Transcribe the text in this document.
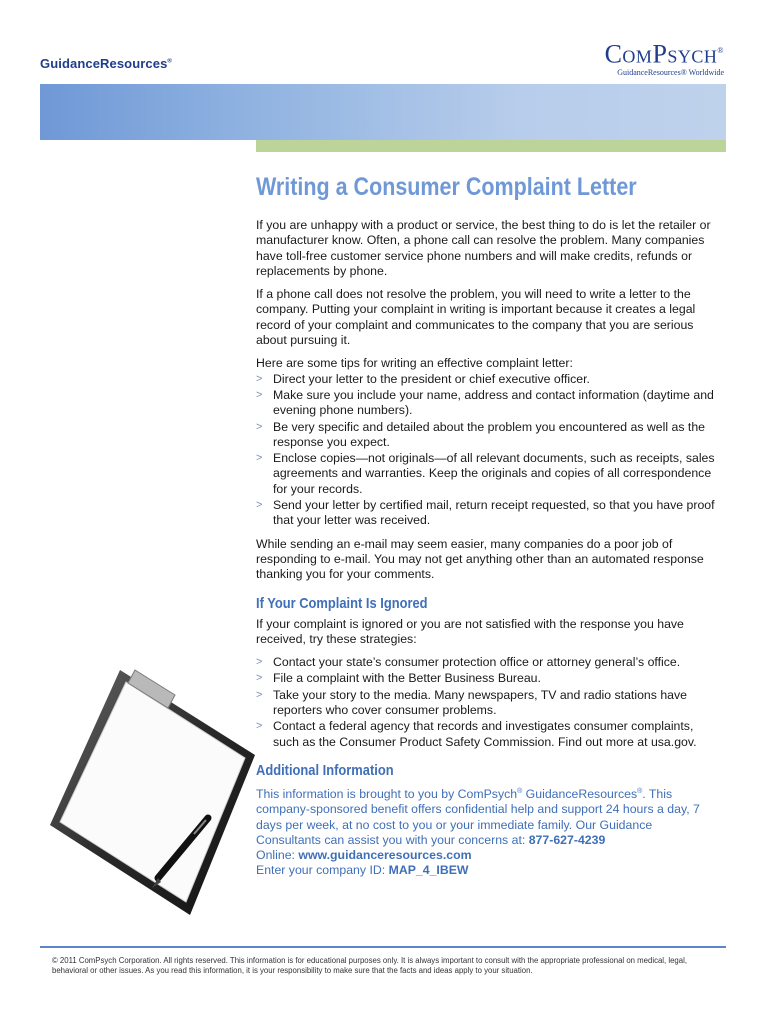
GuidanceResources®	ComPsych®
GuidanceResources® Worldwide
Writing a Consumer Complaint Letter

If you are unhappy with a product or service, the best thing to do is let the retailer or manufacturer know. Often, a phone call can resolve the problem. Many companies have toll-free customer service phone numbers and will make credits, refunds or replacements by phone.

If a phone call does not resolve the problem, you will need to write a letter to the company. Putting your complaint in writing is important because it creates a legal record of your complaint and communicates to the company that you are serious about pursuing it.

Here are some tips for writing an effective complaint letter:

> Direct your letter to the president or chief executive officer.
> Make sure you include your name, address and contact information (daytime and evening phone numbers).
> Be very specific and detailed about the problem you encountered as well as the response you expect.
> Enclose copies—not originals—of all relevant documents, such as receipts, sales agreements and warranties. Keep the originals and copies of all correspondence for your records.
> Send your letter by certified mail, return receipt requested, so that you have proof that your letter was received.

While sending an e-mail may seem easier, many companies do a poor job of responding to e-mail. You may not get anything other than an automated response thanking you for your comments.

If Your Complaint Is Ignored

If your complaint is ignored or you are not satisfied with the response you have received, try these strategies:

> Contact your state’s consumer protection office or attorney general’s office.
> File a complaint with the Better Business Bureau.
> Take your story to the media. Many newspapers, TV and radio stations have reporters who cover consumer problems.
> Contact a federal agency that records and investigates consumer complaints, such as the Consumer Product Safety Commission. Find out more at usa.gov.
Additional Information
This information is brought to you by ComPsych® GuidanceResources®. This company-sponsored benefit offers confidential help and support 24 hours a day, 7 days per week, at no cost to you or your immediate family. Our Guidance Consultants can assist you with your concerns at: 877-627-4239
Online: www.guidanceresources.com
Enter your company ID: MAP_4_IBEW
© 2011 ComPsych Corporation. All rights reserved. This information is for educational purposes only. It is always important to consult with the appropriate professional on medical, legal, behavioral or other issues. As you read this information, it is your responsibility to make sure that the facts and ideas apply to your situation.
